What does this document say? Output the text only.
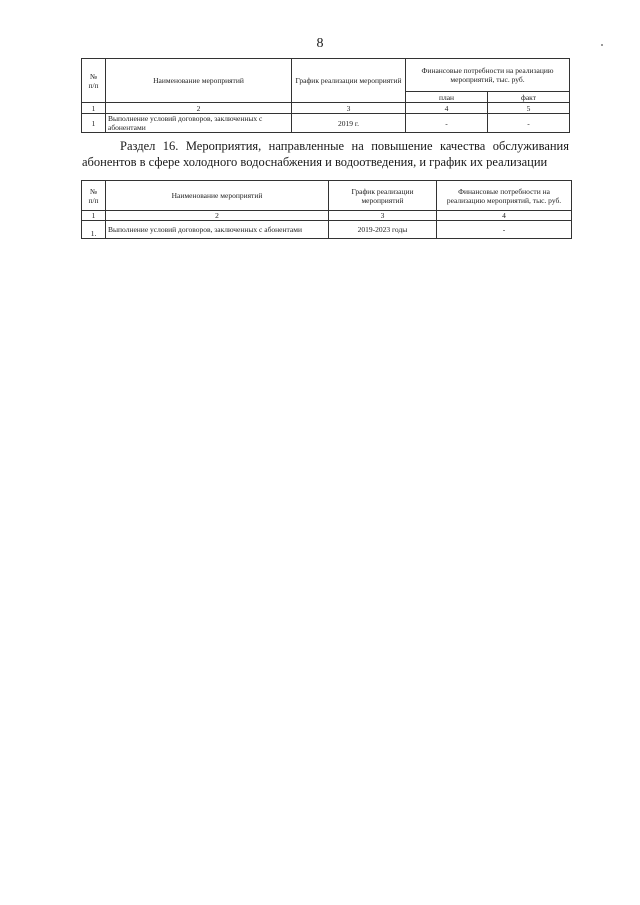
8
№
п/п	Наименование мероприятий	График реализации мероприятий	Финансовые потребности на реализацию мероприятий, тыс. руб.	
			план	факт
1	2	3	4	5
1	Выполнение условий договоров, заключенных с абонентами	2019 г.	-	-
Раздел 16. Мероприятия, направленные на повышение качества обслуживания абонентов в сфере холодного водоснабжения и водоотведения, и график их реализации
№
п/п	Наименование мероприятий	График реализации мероприятий	Финансовые потребности на реализацию мероприятий, тыс. руб.
1	2	3	4
1.	Выполнение условий договоров, заключенных с абонентами	2019-2023 годы	-
